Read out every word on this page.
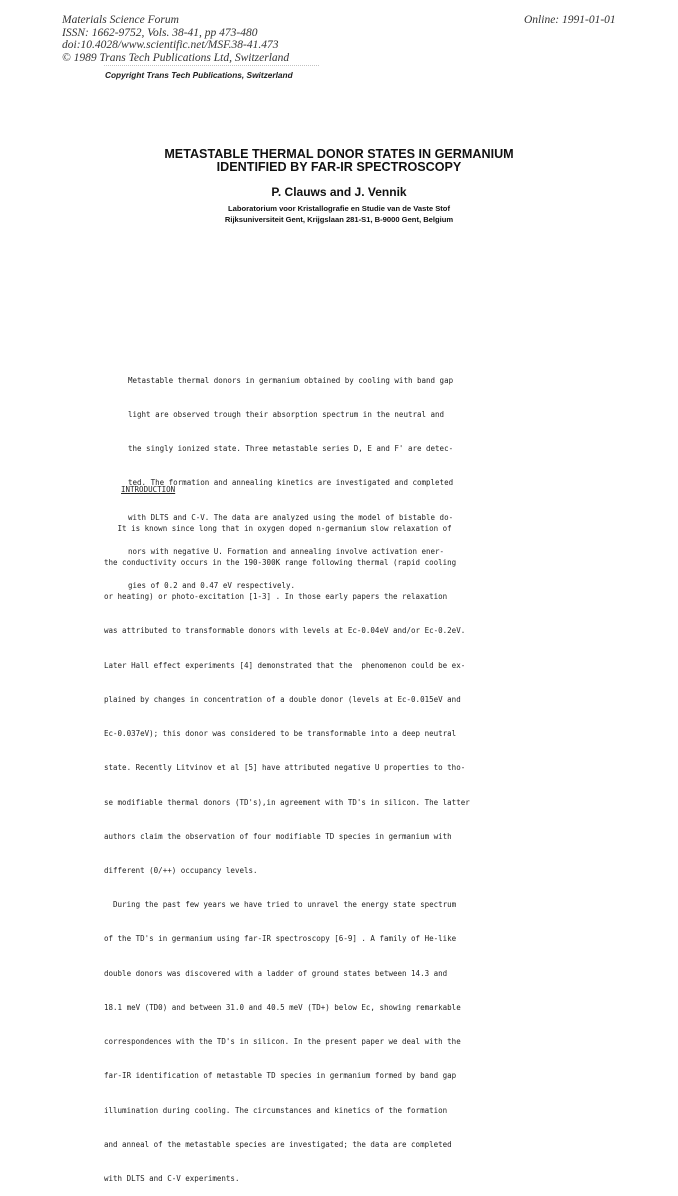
Materials Science Forum
ISSN: 1662-9752, Vols. 38-41, pp 473-480
doi:10.4028/www.scientific.net/MSF.38-41.473
© 1989 Trans Tech Publications Ltd, Switzerland
Online: 1991-01-01
Copyright Trans Tech Publications, Switzerland
METASTABLE THERMAL DONOR STATES IN GERMANIUM
IDENTIFIED BY FAR-IR SPECTROSCOPY
P. Clauws and J. Vennik
Laboratorium voor Kristallografie en Studie van de Vaste Stof
Rijksuniversiteit Gent, Krijgslaan 281-S1, B-9000 Gent, Belgium

Metastable thermal donors in germanium obtained by cooling with band gap

light are observed trough their absorption spectrum in the neutral and

the singly ionized state. Three metastable series D, E and F' are detec-

ted. The formation and annealing kinetics are investigated and completed

with DLTS and C-V. The data are analyzed using the model of bistable do-

nors with negative U. Formation and annealing involve activation ener-

gies of 0.2 and 0.47 eV respectively.

INTRODUCTION

It is known since long that in oxygen doped n-germanium slow relaxation of

the conductivity occurs in the 190-300K range following thermal (rapid cooling

or heating) or photo-excitation [1-3] . In those early papers the relaxation

was attributed to transformable donors with levels at Ec-0.04eV and/or Ec-0.2eV.

Later Hall effect experiments [4] demonstrated that the  phenomenon could be ex-

plained by changes in concentration of a double donor (levels at Ec-0.015eV and

Ec-0.037eV); this donor was considered to be transformable into a deep neutral

state. Recently Litvinov et al [5] have attributed negative U properties to tho-

se modifiable thermal donors (TD's),in agreement with TD's in silicon. The latter

authors claim the observation of four modifiable TD species in germanium with

different (0/++) occupancy levels.

During the past few years we have tried to unravel the energy state spectrum

of the TD's in germanium using far-IR spectroscopy [6-9] . A family of He-like

double donors was discovered with a ladder of ground states between 14.3 and

18.1 meV (TD0) and between 31.0 and 40.5 meV (TD+) below Ec, showing remarkable

correspondences with the TD's in silicon. In the present paper we deal with the

far-IR identification of metastable TD species in germanium formed by band gap

illumination during cooling. The circumstances and kinetics of the formation

and anneal of the metastable species are investigated; the data are completed

with DLTS and C-V experiments.
